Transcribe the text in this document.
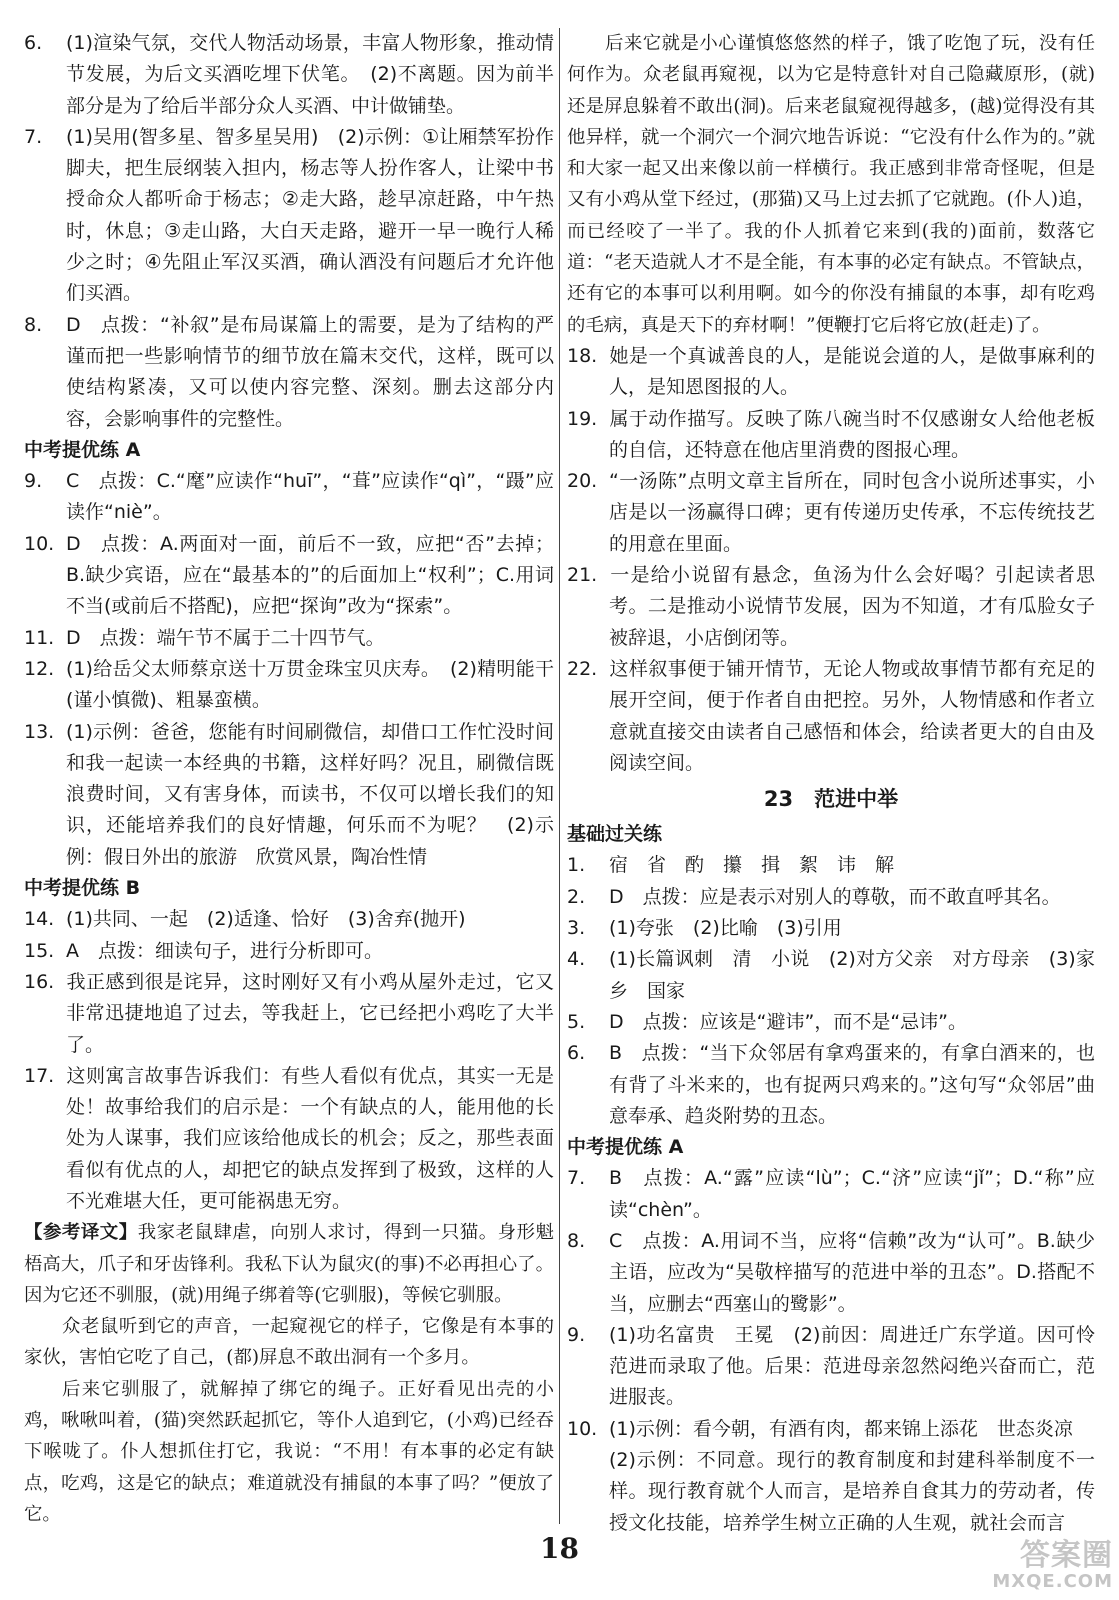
6. (1)渲染气氛，交代人物活动场景，丰富人物形象，推动情节发展，为后文买酒吃埋下伏笔。　(2)不离题。因为前半部分是为了给后半部分众人买酒、中计做铺垫。

7. (1)吴用(智多星、智多星吴用)　(2)示例：①让厢禁军扮作脚夫，把生辰纲装入担内，杨志等人扮作客人，让梁中书授命众人都听命于杨志；②走大路，趁早凉赶路，中午热时，休息；③走山路，大白天走路，避开一早一晚行人稀少之时；④先阻止军汉买酒，确认酒没有问题后才允许他们买酒。

8. D　点拨：“补叙”是布局谋篇上的需要，是为了结构的严谨而把一些影响情节的细节放在篇末交代，这样，既可以使结构紧凑，又可以使内容完整、深刻。删去这部分内容，会影响事件的完整性。

中考提优练 A

9. C　点拨：C.“麾”应读作“huī”，“葺”应读作“qì”，“蹑”应读作“niè”。

10. D　点拨：A.两面对一面，前后不一致，应把“否”去掉；B.缺少宾语，应在“最基本的”的后面加上“权利”；C.用词不当(或前后不搭配)，应把“探询”改为“探索”。

11. D　点拨：端午节不属于二十四节气。

12. (1)给岳父太师蔡京送十万贯金珠宝贝庆寿。　(2)精明能干(谨小慎微)、粗暴蛮横。

13. (1)示例：爸爸，您能有时间刷微信，却借口工作忙没时间和我一起读一本经典的书籍，这样好吗？况且，刷微信既浪费时间，又有害身体，而读书，不仅可以增长我们的知识，还能培养我们的良好情趣，何乐而不为呢？　(2)示例：假日外出的旅游　欣赏风景，陶冶性情

中考提优练 B

14. (1)共同、一起　(2)适逢、恰好　(3)舍弃(抛开)

15. A　点拨：细读句子，进行分析即可。

16. 我正感到很是诧异，这时刚好又有小鸡从屋外走过，它又非常迅捷地追了过去，等我赶上，它已经把小鸡吃了大半了。

17. 这则寓言故事告诉我们：有些人看似有优点，其实一无是处！故事给我们的启示是：一个有缺点的人，能用他的长处为人谋事，我们应该给他成长的机会；反之，那些表面看似有优点的人，却把它的缺点发挥到了极致，这样的人不光难堪大任，更可能祸患无穷。

【参考译文】我家老鼠肆虐，向别人求讨，得到一只猫。身形魁梧高大，爪子和牙齿锋利。我私下认为鼠灾(的事)不必再担心了。因为它还不驯服，(就)用绳子绑着等(它驯服)，等候它驯服。

众老鼠听到它的声音，一起窥视它的样子，它像是有本事的家伙，害怕它吃了自己，(都)屏息不敢出洞有一个多月。

后来它驯服了，就解掉了绑它的绳子。正好看见出壳的小鸡，啾啾叫着，(猫)突然跃起抓它，等仆人追到它，(小鸡)已经吞下喉咙了。仆人想抓住打它，我说：“不用！有本事的必定有缺点，吃鸡，这是它的缺点；难道就没有捕鼠的本事了吗？”便放了它。

后来它就是小心谨慎悠悠然的样子，饿了吃饱了玩，没有任何作为。众老鼠再窥视，以为它是特意针对自己隐藏原形，(就)还是屏息躲着不敢出(洞)。后来老鼠窥视得越多，(越)觉得没有其他异样，就一个洞穴一个洞穴地告诉说：“它没有什么作为的。”就和大家一起又出来像以前一样横行。我正感到非常奇怪呢，但是又有小鸡从堂下经过，(那猫)又马上过去抓了它就跑。(仆人)追，而已经咬了一半了。我的仆人抓着它来到(我的)面前，数落它道：“老天造就人才不是全能，有本事的必定有缺点。不管缺点，还有它的本事可以利用啊。如今的你没有捕鼠的本事，却有吃鸡的毛病，真是天下的弃材啊！”便鞭打它后将它放(赶走)了。

18. 她是一个真诚善良的人，是能说会道的人，是做事麻利的人，是知恩图报的人。

19. 属于动作描写。反映了陈八碗当时不仅感谢女人给他老板的自信，还特意在他店里消费的图报心理。

20. “一汤陈”点明文章主旨所在，同时包含小说所述事实，小店是以一汤赢得口碑；更有传递历史传承，不忘传统技艺的用意在里面。

21. 一是给小说留有悬念，鱼汤为什么会好喝？引起读者思考。二是推动小说情节发展，因为不知道，才有瓜脸女子被辞退，小店倒闭等。

22. 这样叙事便于铺开情节，无论人物或故事情节都有充足的展开空间，便于作者自由把控。另外，人物情感和作者立意就直接交由读者自己感悟和体会，给读者更大的自由及阅读空间。

23　范进中举

基础过关练

1. 宿　省　酌　攥　揖　絮　讳　解

2. D　点拨：应是表示对别人的尊敬，而不敢直呼其名。

3. (1)夸张　(2)比喻　(3)引用

4. (1)长篇讽刺　清　小说　(2)对方父亲　对方母亲　(3)家乡　国家

5. D　点拨：应该是“避讳”，而不是“忌讳”。

6. B　点拨：“当下众邻居有拿鸡蛋来的，有拿白酒来的，也有背了斗米来的，也有捉两只鸡来的。”这句写“众邻居”曲意奉承、趋炎附势的丑态。

中考提优练 A

7. B　点拨：A.“露”应读“lù”；C.“济”应读“jǐ”；D.“称”应读“chèn”。

8. C　点拨：A.用词不当，应将“信赖”改为“认可”。B.缺少主语，应改为“吴敬梓描写的范进中举的丑态”。D.搭配不当，应删去“西塞山的鹭影”。

9. (1)功名富贵　王冕　(2)前因：周进迁广东学道。因可怜范进而录取了他。后果：范进母亲忽然闷绝兴奋而亡，范进服丧。

10. (1)示例：看今朝，有酒有肉，都来锦上添花　世态炎凉

(2)示例：不同意。现行的教育制度和封建科举制度不一样。现行教育就个人而言，是培养自食其力的劳动者，传授文化技能，培养学生树立正确的人生观，就社会而言

18	答案圈
MXQE.COM
